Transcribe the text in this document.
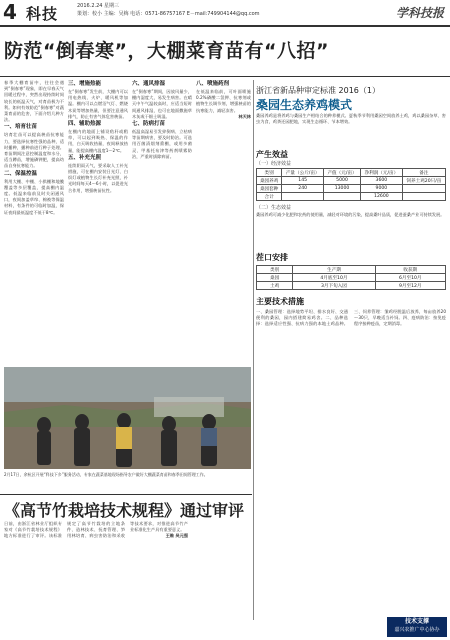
4 科技	2016.2.24 星期三
策划：校小 主编：吴梅 电话：0571-86757167 E－mail:749904144@qq.com	学科技报
防范“倒春寒”，大棚菜育苗有“八招”
春季大棚育苗中，往往会遇到“倒春寒”现象，即在早春天气回暖过程中，突然出现持续时间较长的低温天气，对育苗极为不利。如何有效防范“倒春寒”对蔬菜育苗的危害，下面介绍几种方法。
一、培育壮苗
培育壮苗可以提高秧苗抗寒能力，要选择抗寒性强的品种，适时播种，播种前进行种子处理。育苗期间注意控制温度和水分，适当蹲苗，增施磷钾肥，提高幼苗自身抗寒能力。
二、保温控温
利用大棚、中棚、小拱棚和地膜覆盖等多层覆盖，提高棚内温度。低温来临前及时关闭通风口，夜间加盖草帘、棉被等保温材料，有条件的可临时加温，保证夜间最低温度不低于8℃。
三、增施热能
在“倒春寒”发生前，大棚内可以用电热线、火炉、暖风机等加温。棚内可以点燃沼气灯、燃烧木炭等增加热量，但要注意通风排气，防止有害气体危害秧苗。
四、辅助热源
在棚内的地面上铺设秸秆或稻草，可以起到吸热、保温的作用，白天吸收热量，夜间释放热量，能提高棚内温度1～2℃。
五、补充光照
连续阴雨天气，要采取人工补光措施，可在棚内安装日光灯、白炽灯或植物生长灯补充光照，补光时间每天4～6小时，以促进光合作用，增强秧苗抗性。
六、通风排湿
在“倒春寒”期间，因放风量少，棚内湿度大，易发生病害。在晴天中午气温较高时，应适当短时间通风排湿，也可在地面撒施草木灰或干细土吸湿。
七、防病打苗
低温高湿易引发猝倒病、立枯病等苗期病害，要及时防治。可选用百菌清烟剂熏棚，或用多菌灵、甲基托布津等药剂喷雾防治，严重时拔除病苗。
八、喷施药剂
在低温来临前，可叶面喷施0.2%磷酸二氢钾、抗寒剂或植物生长调节剂，增强秧苗的抗寒能力，减轻冻害。
林天林
浙江省新品种审定标准 2016（1）
桑园生态养鸡模式
桑园养鸡是将养鸡与桑园生产相结合的种养模式。夏秋季节利用桑园空间放养土鸡，鸡以桑园杂草、害虫为食，鸡粪还园肥地，实现生态循环、节本增效。
产生效益
（一）经济效益
类别	产量（公斤/亩）	产值（元/亩）	净利润（元/亩）	备注
桑园养鸡	145	5000	3600	饲养土鸡20只/亩
桑园套种	240	13000	9000	
合计			12600	
（二）生态效益
桑园养鸡可减少化肥和农药的使用量，减轻对环境的污染，提高桑叶品质，促进蚕桑产业可持续发展。
茬口安排
类别	生产期	收获期
桑园	4月底至10月	6月至10月
土鸡	3月下旬入园	9月至12月
主要技术措施
一、桑园管理：选择地势平坦、排水良好、交通便利的桑园，园内搭建简易鸡舍。二、品种选择：选择适应性强、抗病力强的本地土鸡品种。三、饲养管理：雏鸡经脱温后放养，每亩放养20～30只，早晚适当补饲。四、疫病防治：按免疫程序接种疫苗，定期消毒。
技术支撑
嘉兴农推广中心协办
2月17日，余杭区开展“科技下乡”服务活动，专家在蔬菜基地现场指导农户做好大棚蔬菜育苗和春季田间管理工作。
《高节竹栽培技术规程》通过审评
日前，由浙江省林业厅组织专家对《高节竹栽培技术规程》地方标准进行了审评。该标准规定了高节竹栽培的立地条件、造林技术、抚育管理、笋用林培育、病虫害防治和采收等技术要求，对推进高节竹产业标准化生产具有重要意义。
王维 吴元强
